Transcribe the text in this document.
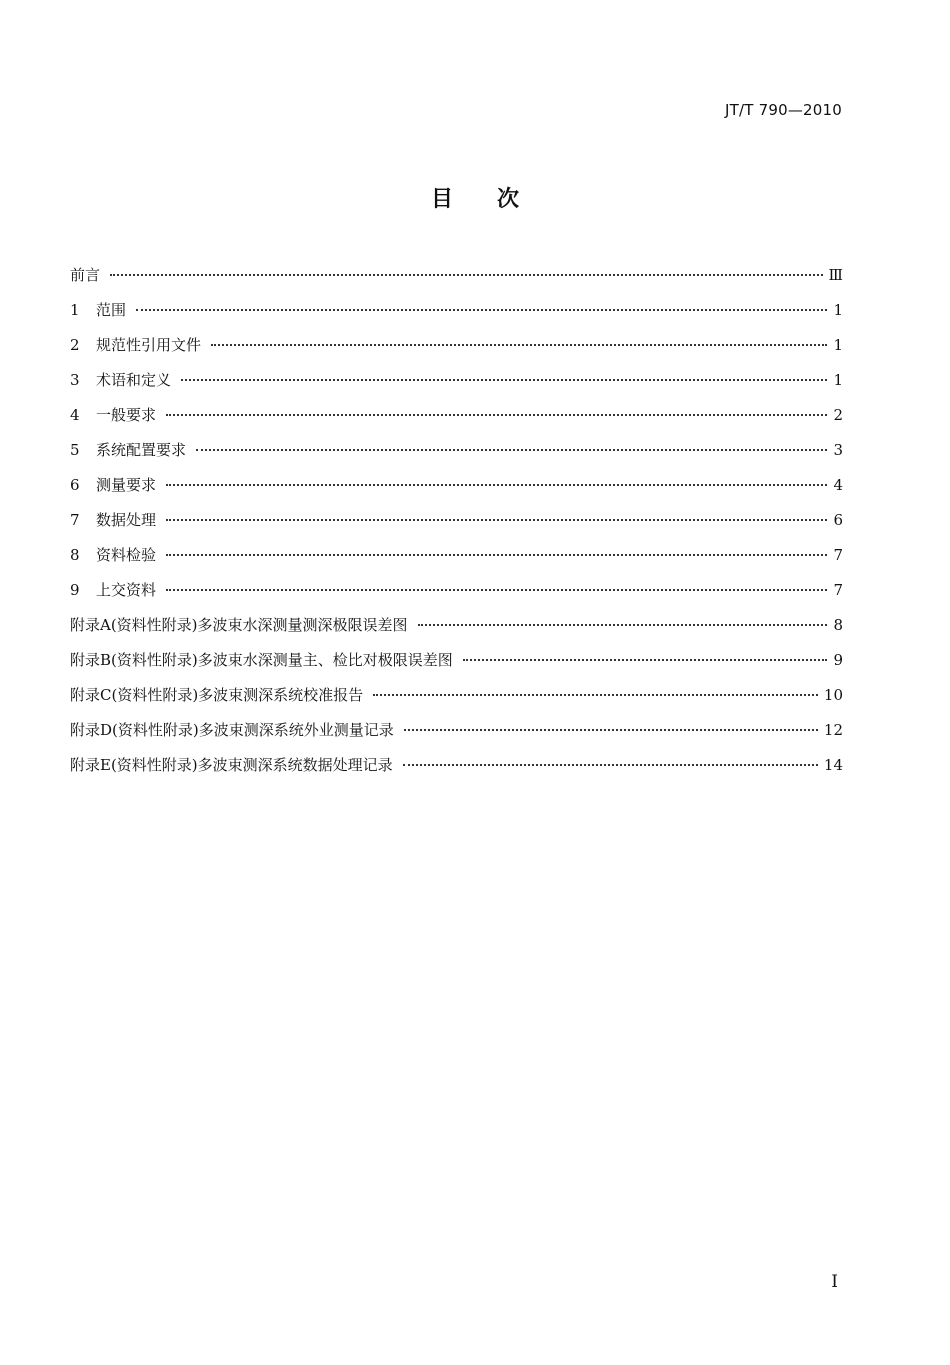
JT/T 790—2010
目次
前言	Ⅲ
1	范围	1
2	规范性引用文件	1
3	术语和定义	1
4	一般要求	2
5	系统配置要求	3
6	测量要求	4
7	数据处理	6
8	资料检验	7
9	上交资料	7
附录A(资料性附录)多波束水深测量测深极限误差图	8
附录B(资料性附录)多波束水深测量主、检比对极限误差图	9
附录C(资料性附录)多波束测深系统校准报告	10
附录D(资料性附录)多波束测深系统外业测量记录	12
附录E(资料性附录)多波束测深系统数据处理记录	14
I
